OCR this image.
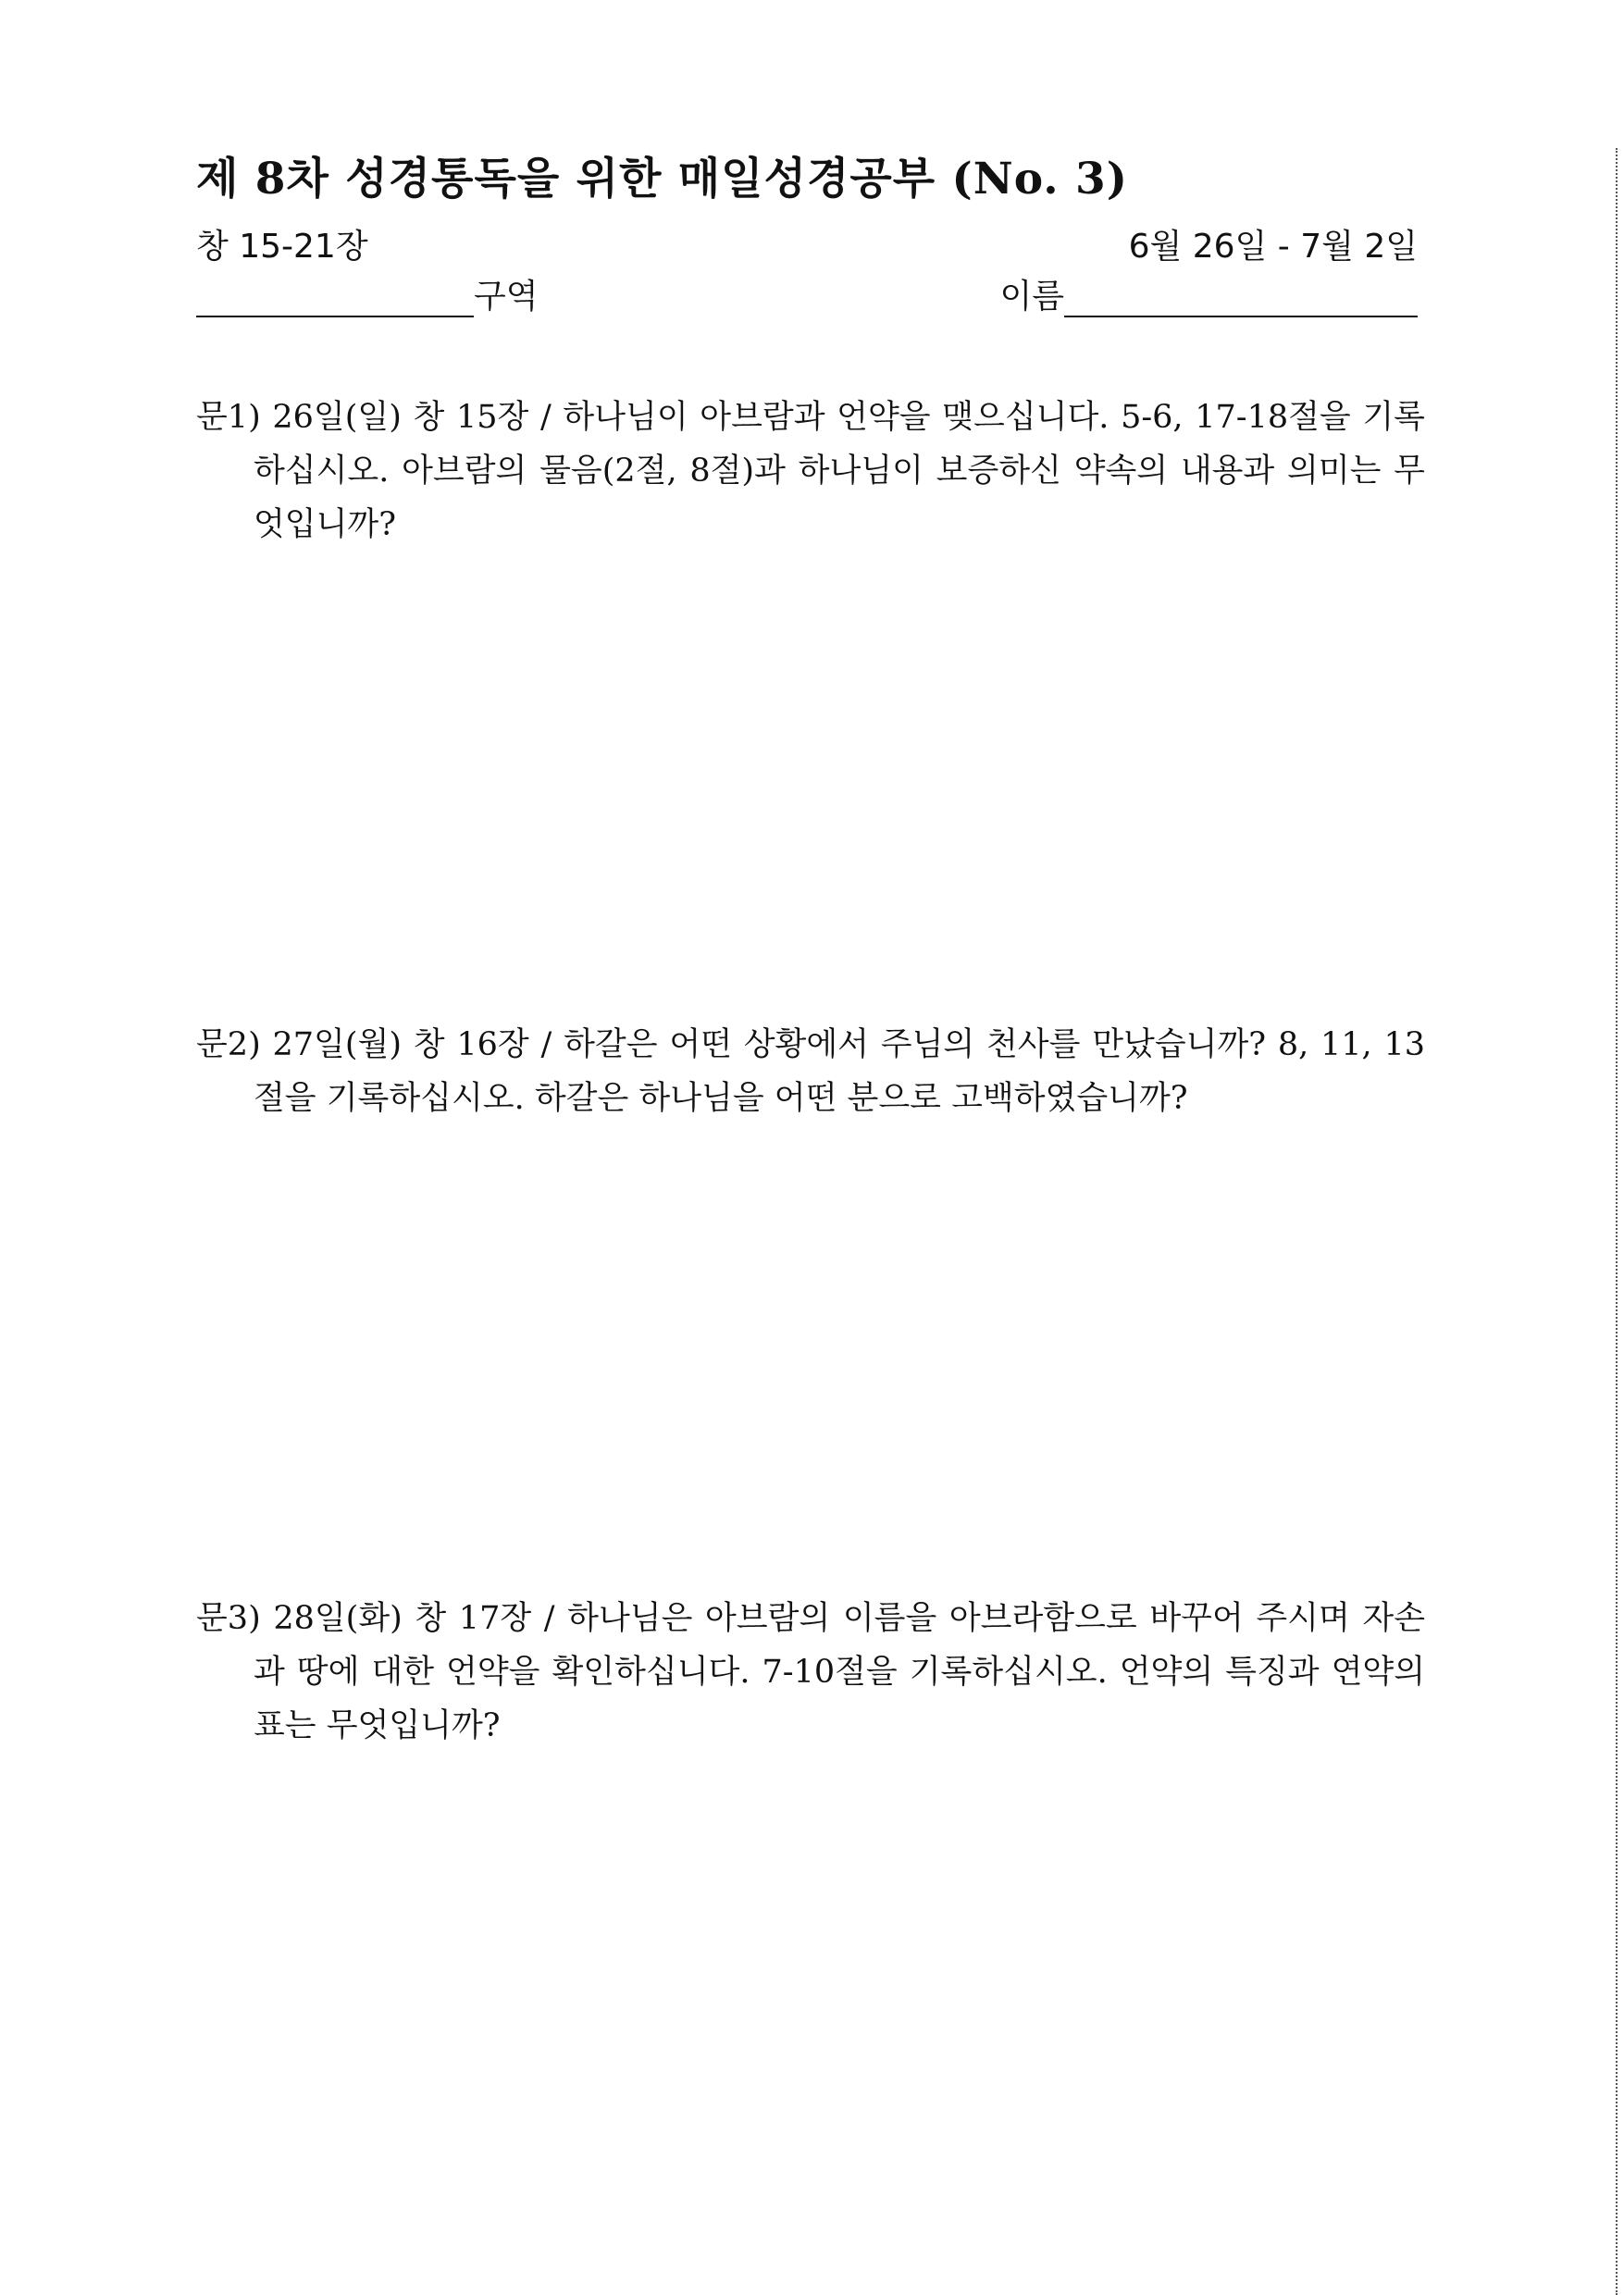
제 8차 성경통독을 위한 매일성경공부 (No. 3)
창 15-21장	6월 26일 - 7월 2일
구역	이름
문1) 26일(일) 창 15장 / 하나님이 아브람과 언약을 맺으십니다. 5-6, 17-18절을 기록하십시오. 아브람의 물음(2절, 8절)과 하나님이 보증하신 약속의 내용과 의미는 무엇입니까?
문2) 27일(월) 창 16장 / 하갈은 어떤 상황에서 주님의 천사를 만났습니까? 8, 11, 13절을 기록하십시오. 하갈은 하나님을 어떤 분으로 고백하였습니까?
문3) 28일(화) 창 17장 / 하나님은 아브람의 이름을 아브라함으로 바꾸어 주시며 자손과 땅에 대한 언약을 확인하십니다. 7-10절을 기록하십시오. 언약의 특징과 연약의 표는 무엇입니까?
